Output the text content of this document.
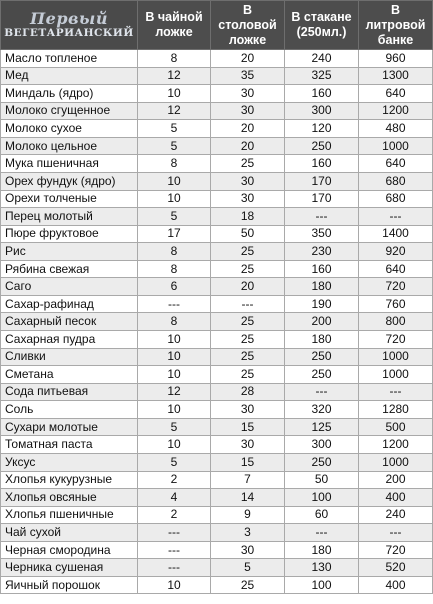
Первый
ВЕГЕТАРИАНСКИЙ	В чайной ложке	В столовой ложке	В стакане (250мл.)	В литровой банке
Масло топленое	8	20	240	960
Мед	12	35	325	1300
Миндаль (ядро)	10	30	160	640
Молоко сгущенное	12	30	300	1200
Молоко сухое	5	20	120	480
Молоко цельное	5	20	250	1000
Мука пшеничная	8	25	160	640
Орех фундук (ядро)	10	30	170	680
Орехи толченые	10	30	170	680
Перец молотый	5	18	---	---
Пюре фруктовое	17	50	350	1400
Рис	8	25	230	920
Рябина свежая	8	25	160	640
Саго	6	20	180	720
Сахар-рафинад	---	---	190	760
Сахарный песок	8	25	200	800
Сахарная пудра	10	25	180	720
Сливки	10	25	250	1000
Сметана	10	25	250	1000
Сода питьевая	12	28	---	---
Соль	10	30	320	1280
Сухари молотые	5	15	125	500
Томатная паста	10	30	300	1200
Уксус	5	15	250	1000
Хлопья кукурузные	2	7	50	200
Хлопья овсяные	4	14	100	400
Хлопья пшеничные	2	9	60	240
Чай сухой	---	3	---	---
Черная смородина	---	30	180	720
Черника сушеная	---	5	130	520
Яичный порошок	10	25	100	400
